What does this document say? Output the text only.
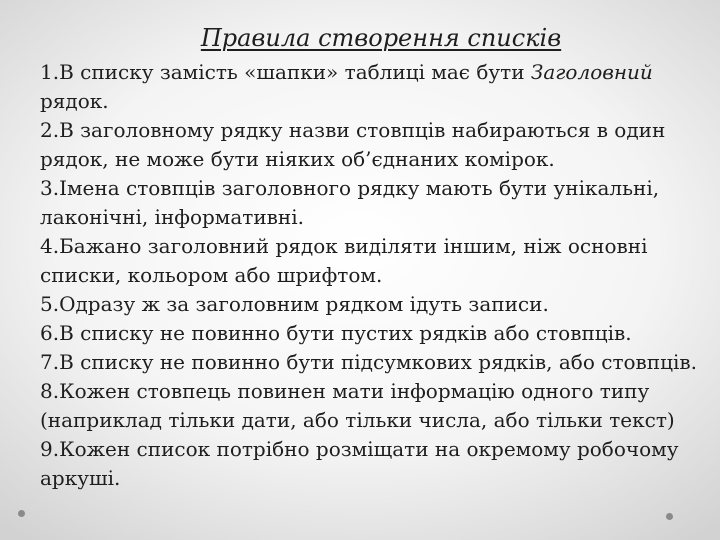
Правила створення списків
1.В списку замість «шапки» таблиці має бути Заголовний рядок.
2.В заголовному рядку назви стовпців набираються в один рядок, не може бути ніяких об’єднаних комірок.
3.Імена стовпців заголовного рядку мають бути унікальні, лаконічні, інформативні.
4.Бажано заголовний рядок виділяти іншим, ніж основні списки, кольором або шрифтом.
5.Одразу ж за заголовним рядком ідуть записи.
6.В списку не повинно бути пустих рядків або стовпців.
7.В списку не повинно бути підсумкових рядків, або стовпців.
8.Кожен стовпець повинен мати інформацію одного типу (наприклад тільки дати, або тільки числа, або тільки текст)
9.Кожен список потрібно розміщати на окремому робочому аркуші.
